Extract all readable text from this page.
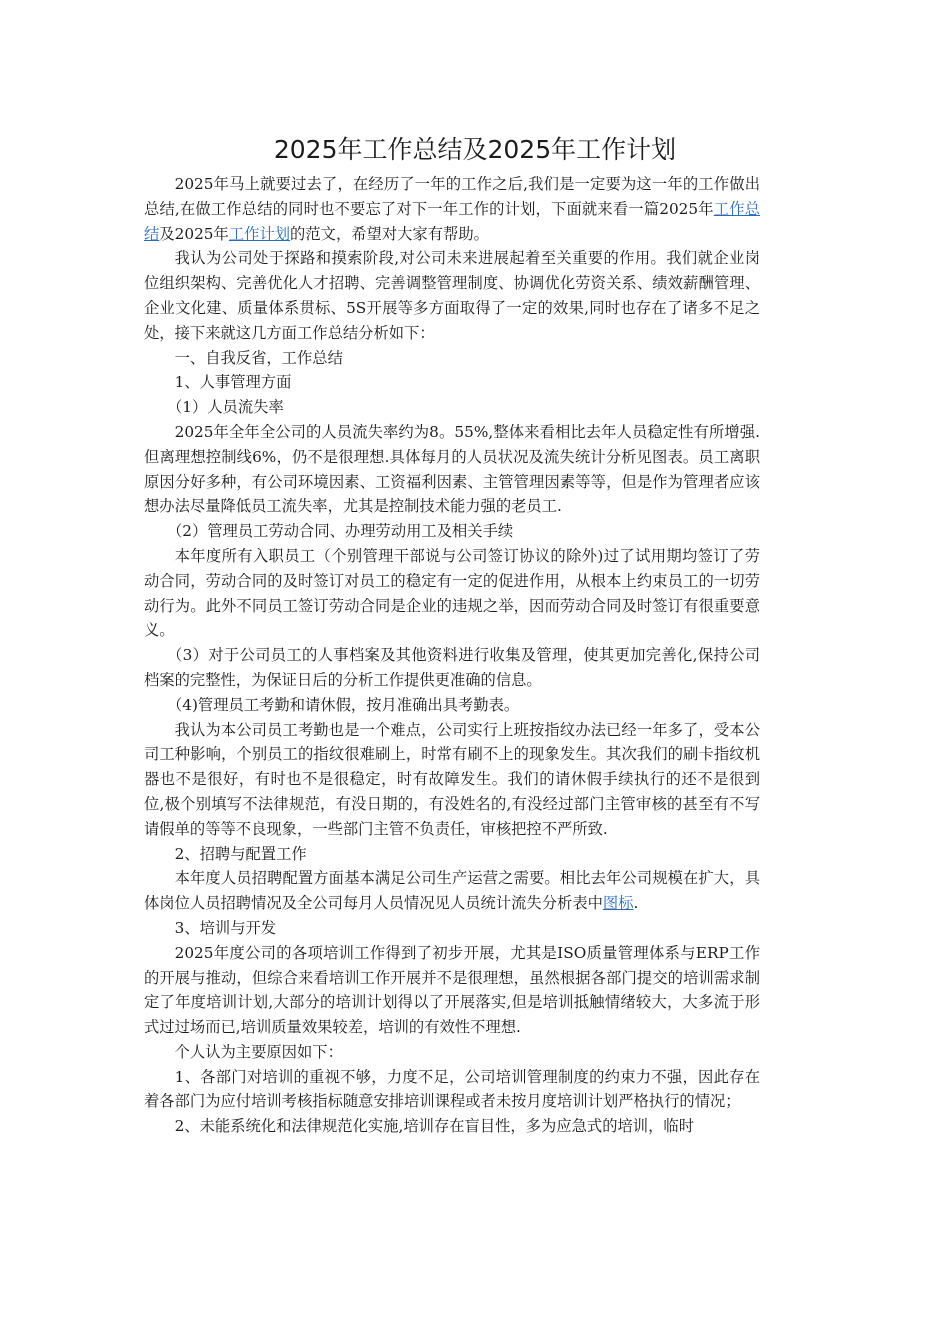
2025年工作总结及2025年工作计划

2025年马上就要过去了，在经历了一年的工作之后,我们是一定要为这一年的工作做出总结,在做工作总结的同时也不要忘了对下一年工作的计划，下面就来看一篇2025年工作总结及2025年工作计划的范文，希望对大家有帮助。

我认为公司处于探路和摸索阶段,对公司未来进展起着至关重要的作用。我们就企业岗位组织架构、完善优化人才招聘、完善调整管理制度、协调优化劳资关系、绩效薪酬管理、企业文化建、质量体系贯标、5S开展等多方面取得了一定的效果,同时也存在了诸多不足之处，接下来就这几方面工作总结分析如下：

一、自我反省，工作总结

1、人事管理方面

（1）人员流失率

2025年全年全公司的人员流失率约为8。55%,整体来看相比去年人员稳定性有所增强.但离理想控制线6%，仍不是很理想.具体每月的人员状况及流失统计分析见图表。员工离职原因分好多种，有公司环境因素、工资福利因素、主管管理因素等等，但是作为管理者应该想办法尽量降低员工流失率，尤其是控制技术能力强的老员工.

（2）管理员工劳动合同、办理劳动用工及相关手续

本年度所有入职员工（个别管理干部说与公司签订协议的除外)过了试用期均签订了劳动合同，劳动合同的及时签订对员工的稳定有一定的促进作用，从根本上约束员工的一切劳动行为。此外不同员工签订劳动合同是企业的违规之举，因而劳动合同及时签订有很重要意义。

（3）对于公司员工的人事档案及其他资料进行收集及管理，使其更加完善化,保持公司档案的完整性，为保证日后的分析工作提供更准确的信息。

（4)管理员工考勤和请休假，按月准确出具考勤表。

我认为本公司员工考勤也是一个难点，公司实行上班按指纹办法已经一年多了，受本公司工种影响，个别员工的指纹很难刷上，时常有刷不上的现象发生。其次我们的刷卡指纹机器也不是很好，有时也不是很稳定，时有故障发生。我们的请休假手续执行的还不是很到位,极个别填写不法律规范，有没日期的，有没姓名的,有没经过部门主管审核的甚至有不写请假单的等等不良现象，一些部门主管不负责任，审核把控不严所致.

2、招聘与配置工作

本年度人员招聘配置方面基本满足公司生产运营之需要。相比去年公司规模在扩大，具体岗位人员招聘情况及全公司每月人员情况见人员统计流失分析表中图标.

3、培训与开发

2025年度公司的各项培训工作得到了初步开展，尤其是ISO质量管理体系与ERP工作的开展与推动，但综合来看培训工作开展并不是很理想，虽然根据各部门提交的培训需求制定了年度培训计划,大部分的培训计划得以了开展落实,但是培训抵触情绪较大，大多流于形式过过场而已,培训质量效果较差，培训的有效性不理想.

个人认为主要原因如下：

1、各部门对培训的重视不够，力度不足，公司培训管理制度的约束力不强，因此存在着各部门为应付培训考核指标随意安排培训课程或者未按月度培训计划严格执行的情况；

2、未能系统化和法律规范化实施,培训存在盲目性，多为应急式的培训，临时
